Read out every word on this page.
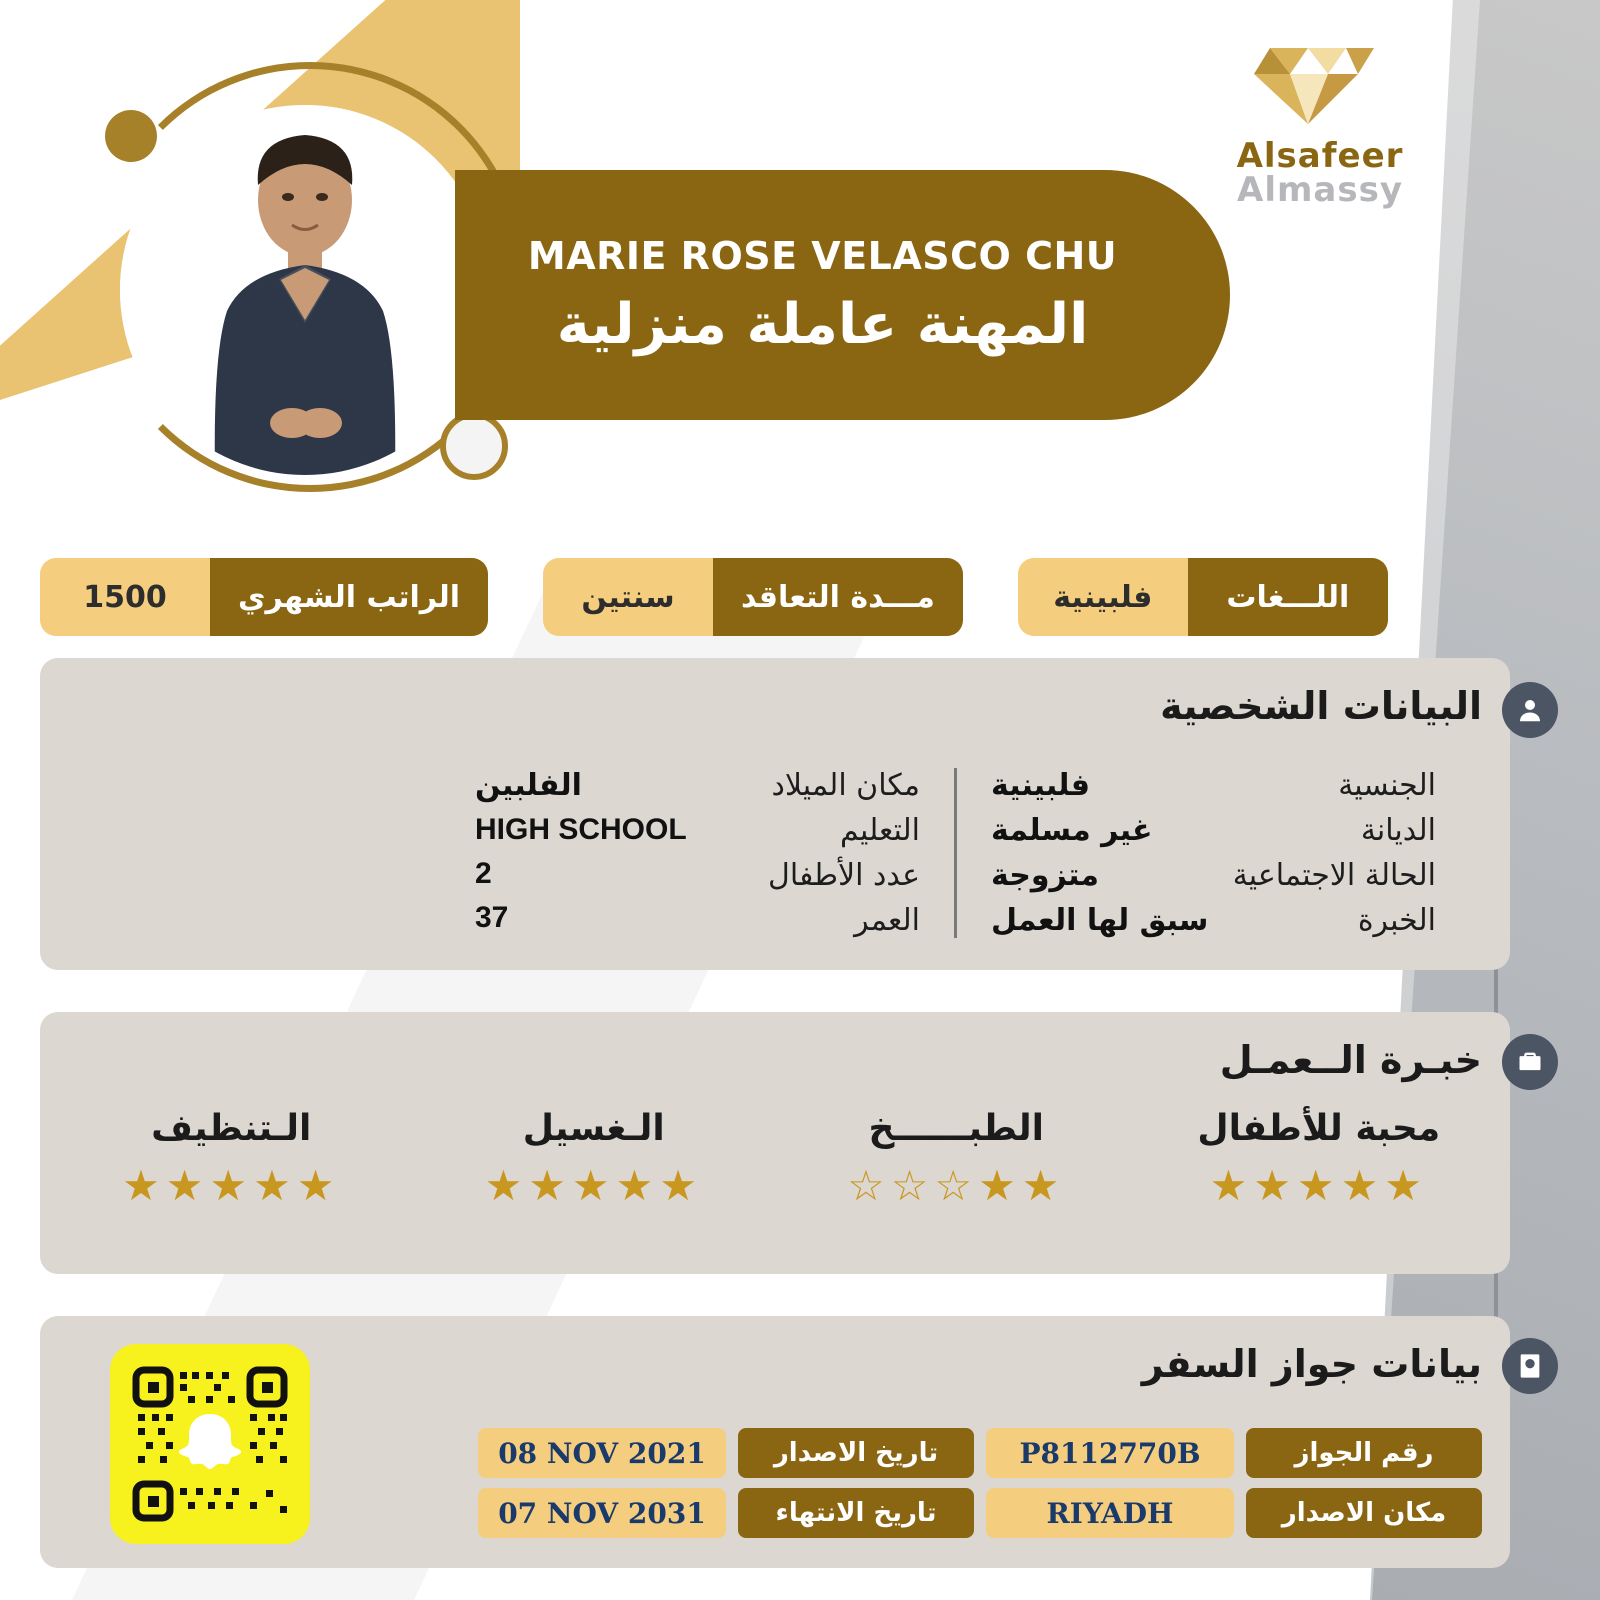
MARIE ROSE VELASCO CHU
المهنة عاملة منزلية
Alsafeer
Almassy
الراتب الشهري
1500	مـــدة التعاقد
سنتين	اللـــغات
فلبينية
البيانات الشخصية
الجنسية
الديانة
الحالة الاجتماعية
الخبرة
فلبينية
غير مسلمة
متزوجة
سبق لها العمل
مكان الميلاد
التعليم
عدد الأطفال
العمر
الفلبين
HIGH SCHOOL
2
37
خبـرة الــعمـل
محبة للأطفال
★★★★★
الطبــــــخ
★★☆☆☆
الـغسيل
★★★★★
الـتنظيف
★★★★★
بيانات جواز السفر
رقم الجواز
P8112770B
تاريخ الاصدار
08 NOV 2021
مكان الاصدار
RIYADH
تاريخ الانتهاء
07 NOV 2031
